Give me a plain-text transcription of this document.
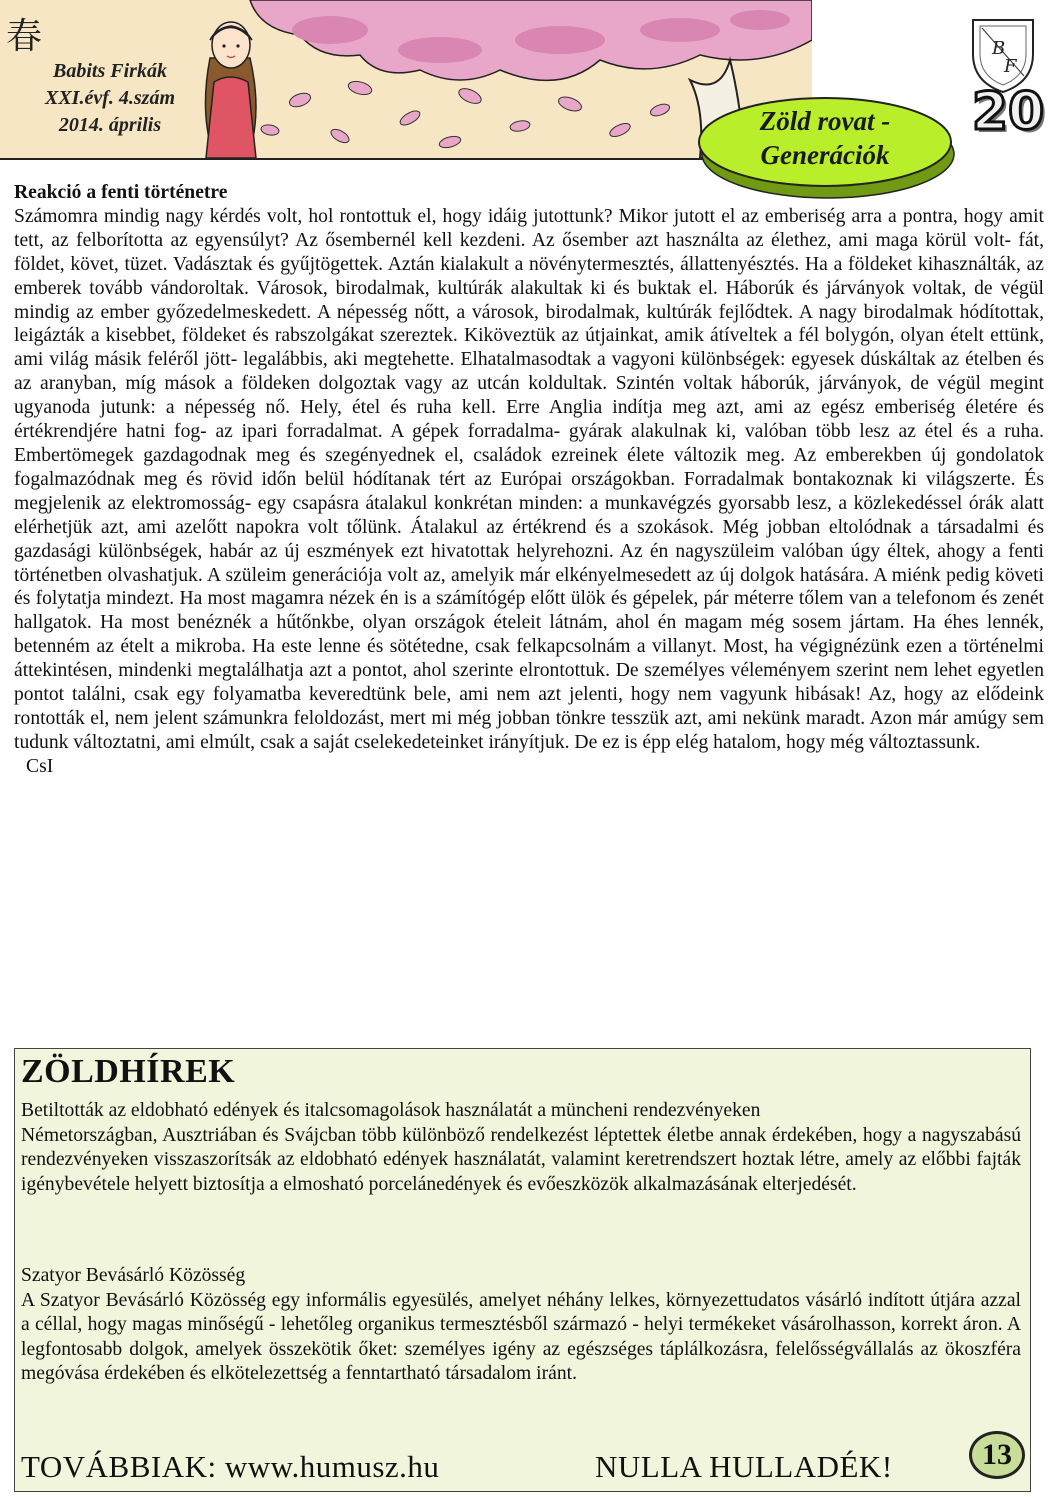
春
Babits Firkák
XXI.évf. 4.szám
2014. április
B
F
20
Zöld rovat -
Generációk
Reakció a fenti történetre

Számomra mindig nagy kérdés volt, hol rontottuk el, hogy idáig jutottunk? Mikor jutott el az emberiség arra a pontra, hogy amit tett, az felborította az egyensúlyt? Az ősembernél kell kezdeni. Az ősember azt használta az élethez, ami maga körül volt- fát, földet, követ, tüzet. Vadásztak és gyűjtögettek. Aztán kialakult a növénytermesztés, állattenyésztés. Ha a földeket kihasználták, az emberek tovább vándoroltak. Városok, birodalmak, kultúrák alakultak ki és buktak el. Háborúk és járványok voltak, de végül mindig az ember győzedelmeskedett. A népesség nőtt, a városok, birodalmak, kultúrák fejlődtek. A nagy birodalmak hódítottak, leigázták a kisebbet, földeket és rabszolgákat szereztek. Kiköveztük az útjainkat, amik átíveltek a fél bolygón, olyan ételt ettünk, ami világ másik feléről jött- legalábbis, aki megtehette. Elhatalmasodtak a vagyoni különbségek: egyesek dúskáltak az ételben és az aranyban, míg mások a földeken dolgoztak vagy az utcán koldultak. Szintén voltak háborúk, járványok, de végül megint ugyanoda jutunk: a népesség nő. Hely, étel és ruha kell. Erre Anglia indítja meg azt, ami az egész emberiség életére és értékrendjére hatni fog- az ipari forradalmat. A gépek forradalma- gyárak alakulnak ki, valóban több lesz az étel és a ruha. Embertömegek gazdagodnak meg és szegényednek el, családok ezreinek élete változik meg. Az emberekben új gondolatok fogalmazódnak meg és rövid időn belül hódítanak tért az Európai országokban. Forradalmak bontakoznak ki világszerte. És megjelenik az elektromosság- egy csapásra átalakul konkrétan minden: a munkavégzés gyorsabb lesz, a közlekedéssel órák alatt elérhetjük azt, ami azelőtt napokra volt tőlünk. Átalakul az értékrend és a szokások. Még jobban eltolódnak a társadalmi és gazdasági különbségek, habár az új eszmények ezt hivatottak helyrehozni. Az én nagyszüleim valóban úgy éltek, ahogy a fenti történetben olvashatjuk. A szüleim generációja volt az, amelyik már elkényelmesedett az új dolgok hatására. A miénk pedig követi és folytatja mindezt. Ha most magamra nézek én is a számítógép előtt ülök és gépelek, pár méterre tőlem van a telefonom és zenét hallgatok. Ha most benéznék a hűtőnkbe, olyan országok ételeit látnám, ahol én magam még sosem jártam. Ha éhes lennék, betenném az ételt a mikroba. Ha este lenne és sötétedne, csak felkapcsolnám a villanyt. Most, ha végignézünk ezen a történelmi áttekintésen, mindenki megtalálhatja azt a pontot, ahol szerinte elrontottuk. De személyes véleményem szerint nem lehet egyetlen pontot találni, csak egy folyamatba keveredtünk bele, ami nem azt jelenti, hogy nem vagyunk hibásak! Az, hogy az elődeink rontották el, nem jelent számunkra feloldozást, mert mi még jobban tönkre tesszük azt, ami nekünk maradt. Azon már amúgy sem tudunk változtatni, ami elmúlt, csak a saját cselekedeteinket irányítjuk. De ez is épp elég hatalom, hogy még változtassunk.

CsI
ZÖLDHÍREK

Betiltották az eldobható edények és italcsomagolások használatát a müncheni rendezvényeken

Németországban, Ausztriában és Svájcban több különböző rendelkezést léptettek életbe annak érdekében, hogy a nagyszabású rendezvényeken visszaszorítsák az eldobható edények használatát, valamint keretrendszert hoztak létre, amely az előbbi fajták igénybevétele helyett biztosítja a elmosható porcelánedények és evőeszközök alkalmazásának elterjedését.

Szatyor Bevásárló Közösség

A Szatyor Bevásárló Közösség egy informális egyesülés, amelyet néhány lelkes, környezettudatos vásárló indított útjára azzal a céllal, hogy magas minőségű - lehetőleg organikus termesztésből származó - helyi termékeket vásárolhasson, korrekt áron. A legfontosabb dolgok, amelyek összekötik őket: személyes igény az egészséges táplálkozásra, felelősségvállalás az ökoszféra megóvása érdekében és elkötelezettség a fenntartható társadalom iránt.

TOVÁBBIAK: www.humusz.hu	NULLA HULLADÉK!	13
